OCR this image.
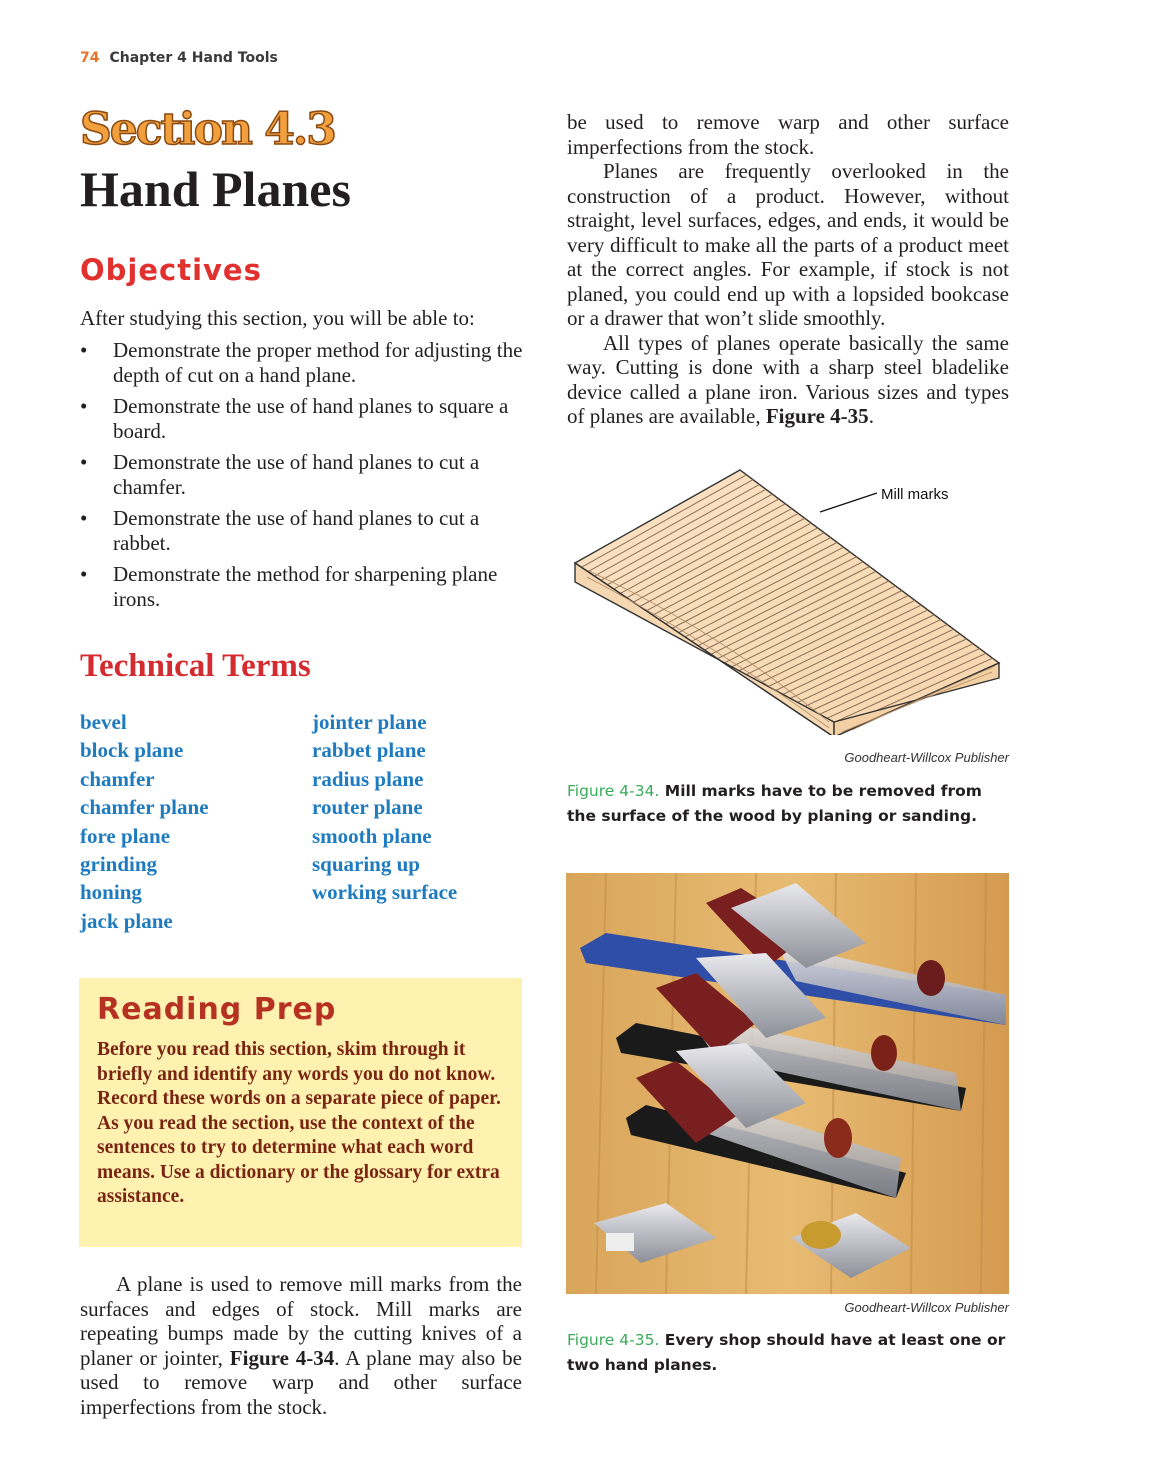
74 Chapter 4 Hand Tools
Section 4.3
Hand Planes
Objectives
After studying this section, you will be able to:
• Demonstrate the proper method for adjusting the depth of cut on a hand plane.
• Demonstrate the use of hand planes to square a board.
• Demonstrate the use of hand planes to cut a chamfer.
• Demonstrate the use of hand planes to cut a rabbet.
• Demonstrate the method for sharpening plane irons.
Technical Terms
bevel
block plane
chamfer
chamfer plane
fore plane
grinding
honing
jack plane
jointer plane
rabbet plane
radius plane
router plane
smooth plane
squaring up
working surface
Reading Prep
Before you read this section, skim through it briefly and identify any words you do not know. Record these words on a separate piece of paper. As you read the section, use the context of the sentences to try to determine what each word means. Use a dictionary or the glossary for extra assistance.
A plane is used to remove mill marks from the surfaces and edges of stock. Mill marks are repeating bumps made by the cutting knives of a planer or jointer, Figure 4-34. A plane may also be used to remove warp and other surface imperfections from the stock.

be used to remove warp and other surface imperfections from the stock.

Planes are frequently overlooked in the construction of a product. However, without straight, level surfaces, edges, and ends, it would be very difficult to make all the parts of a product meet at the correct angles. For example, if stock is not planed, you could end up with a lopsided bookcase or a drawer that won’t slide smoothly.

All types of planes operate basically the same way. Cutting is done with a sharp steel bladelike device called a plane iron. Various sizes and types of planes are available, Figure 4-35.

Mill marks
Goodheart-Willcox Publisher
Figure 4-34. Mill marks have to be removed from the surface of the wood by planing or sanding.
Goodheart-Willcox Publisher
Figure 4-35. Every shop should have at least one or two hand planes.
